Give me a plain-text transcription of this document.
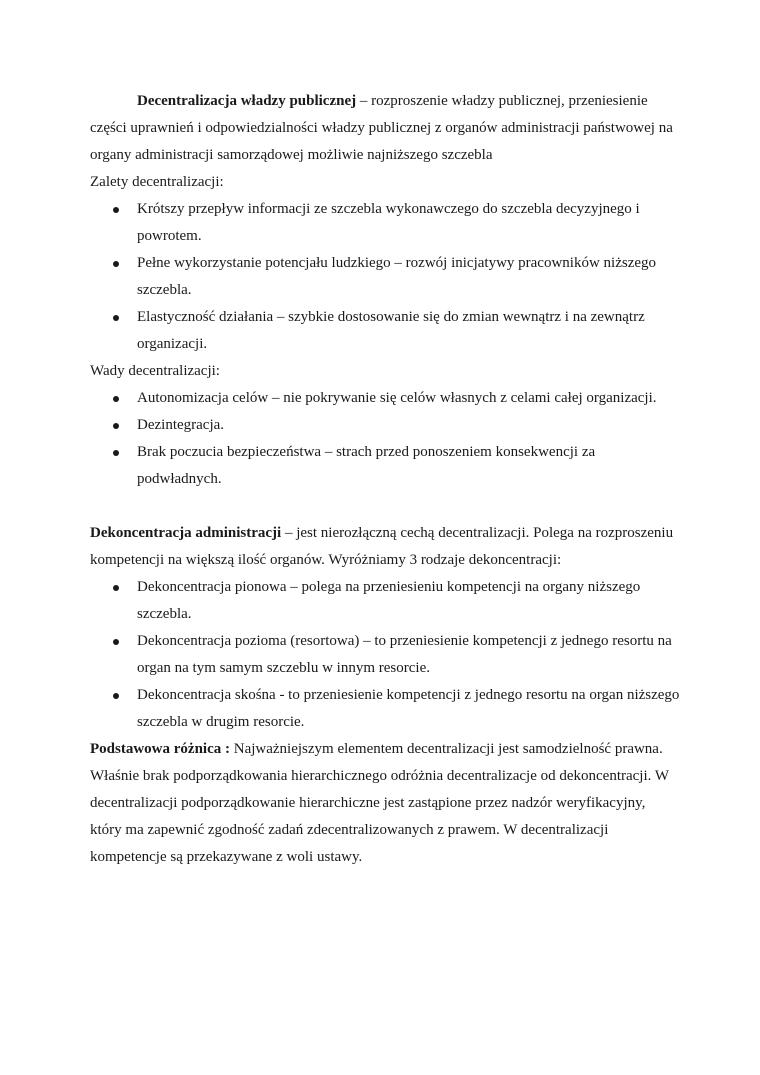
Decentralizacja władzy publicznej – rozproszenie władzy publicznej, przeniesienie części uprawnień i odpowiedzialności władzy publicznej z organów administracji państwowej na organy administracji samorządowej możliwie najniższego szczebla

Zalety decentralizacji:

Krótszy przepływ informacji ze szczebla wykonawczego do szczebla decyzyjnego i powrotem.
Pełne wykorzystanie potencjału ludzkiego – rozwój inicjatywy pracowników niższego szczebla.
Elastyczność działania – szybkie dostosowanie się do zmian wewnątrz i na zewnątrz organizacji.

Wady decentralizacji:

Autonomizacja celów – nie pokrywanie się celów własnych z celami całej organizacji.
Dezintegracja.
Brak poczucia bezpieczeństwa – strach przed ponoszeniem konsekwencji za podwładnych.

Dekoncentracja administracji – jest nierozłączną cechą decentralizacji. Polega na rozproszeniu kompetencji na większą ilość organów. Wyróżniamy 3 rodzaje dekoncentracji:

Dekoncentracja pionowa – polega na przeniesieniu kompetencji na organy niższego szczebla.
Dekoncentracja pozioma (resortowa) – to przeniesienie kompetencji z jednego resortu na organ na tym samym szczeblu w innym resorcie.
Dekoncentracja skośna - to przeniesienie kompetencji z jednego resortu na organ niższego szczebla w drugim resorcie.

Podstawowa różnica : Najważniejszym elementem decentralizacji jest samodzielność prawna. Właśnie brak podporządkowania hierarchicznego odróżnia decentralizacje od dekoncentracji. W decentralizacji podporządkowanie hierarchiczne jest zastąpione przez nadzór weryfikacyjny, który ma zapewnić zgodność zadań zdecentralizowanych z prawem. W decentralizacji kompetencje są przekazywane z woli ustawy.
